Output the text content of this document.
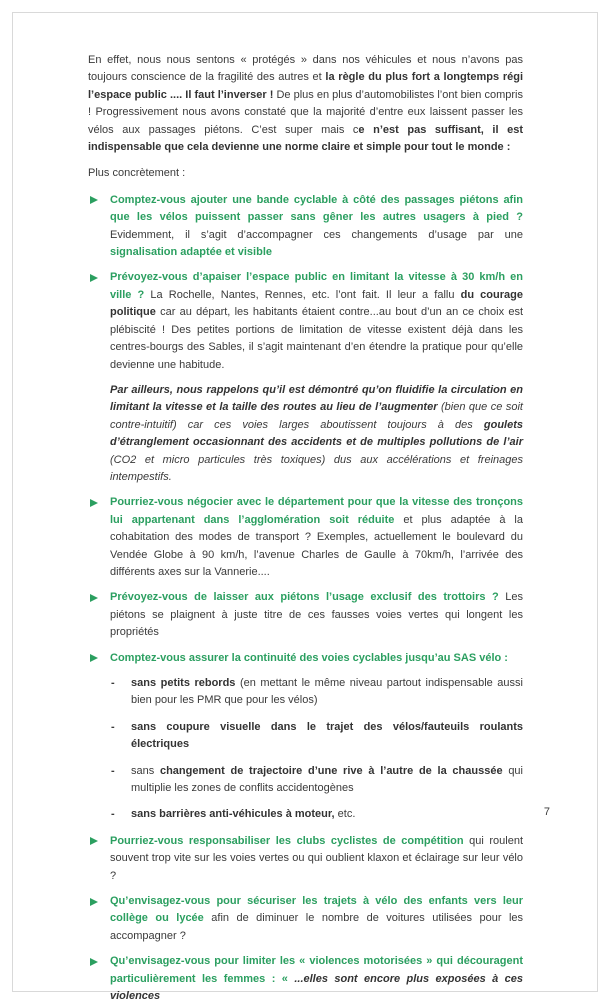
En effet, nous nous sentons « protégés » dans nos véhicules et nous n’avons pas toujours conscience de la fragilité des autres et la règle du plus fort a longtemps régi l’espace public .... Il faut l’inverser ! De plus en plus d’automobilistes l’ont bien compris ! Progressivement nous avons constaté que la majorité d’entre eux laissent passer les vélos aux passages piétons. C’est super mais ce n’est pas suffisant, il est indispensable que cela devienne une norme claire et simple pour tout le monde :
Plus concrètement :
Comptez-vous ajouter une bande cyclable à côté des passages piétons afin que les vélos puissent passer sans gêner les autres usagers à pied ? Evidemment, il s’agit d’accompagner ces changements d’usage par une signalisation adaptée et visible
Prévoyez-vous d’apaiser l’espace public en limitant la vitesse à 30 km/h en ville ? La Rochelle, Nantes, Rennes, etc. l’ont fait. Il leur a fallu du courage politique car au départ, les habitants étaient contre...au bout d’un an ce choix est plébiscité ! Des petites portions de limitation de vitesse existent déjà dans les centres-bourgs des Sables, il s’agit maintenant d’en étendre la pratique pour qu’elle devienne une habitude.
Par ailleurs, nous rappelons qu’il est démontré qu’on fluidifie la circulation en limitant la vitesse et la taille des routes au lieu de l’augmenter (bien que ce soit contre-intuitif) car ces voies larges aboutissent toujours à des goulets d’étranglement occasionnant des accidents et de multiples pollutions de l’air (CO2 et micro particules très toxiques) dus aux accélérations et freinages intempestifs.
Pourriez-vous négocier avec le département pour que la vitesse des tronçons lui appartenant dans l’agglomération soit réduite et plus adaptée à la cohabitation des modes de transport ? Exemples, actuellement le boulevard du Vendée Globe à 90 km/h, l’avenue Charles de Gaulle à 70km/h, l’arrivée des différents axes sur la Vannerie....
Prévoyez-vous de laisser aux piétons l’usage exclusif des trottoirs ? Les piétons se plaignent à juste titre de ces fausses voies vertes qui longent les propriétés
Comptez-vous assurer la continuité des voies cyclables jusqu’au SAS vélo :
- sans petits rebords (en mettant le même niveau partout indispensable aussi bien pour les PMR que pour les vélos)
- sans coupure visuelle dans le trajet des vélos/fauteuils roulants électriques
- sans changement de trajectoire d’une rive à l’autre de la chaussée qui multiplie les zones de conflits accidentogènes
- sans barrières anti-véhicules à moteur, etc.
Pourriez-vous responsabiliser les clubs cyclistes de compétition qui roulent souvent trop vite sur les voies vertes ou qui oublient klaxon et éclairage sur leur vélo ?
Qu’envisagez-vous pour sécuriser les trajets à vélo des enfants vers leur collège ou lycée afin de diminuer le nombre de voitures utilisées pour les accompagner ?
Qu’envisagez-vous pour limiter les « violences motorisées » qui découragent particulièrement les femmes : « ...elles sont encore plus exposées à ces violences
7
